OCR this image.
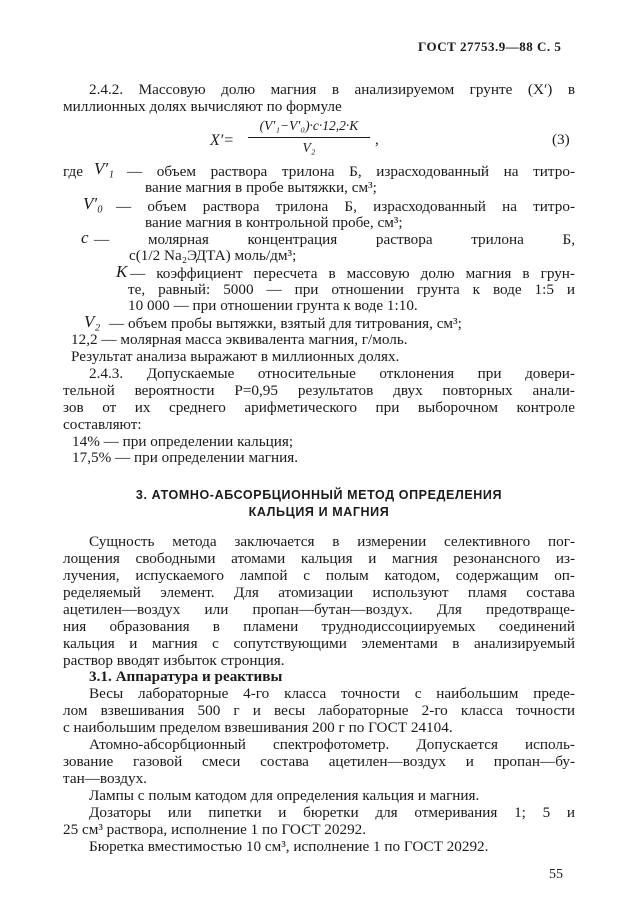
ГОСТ 27753.9—88 С. 5
2.4.2. Массовую долю магния в анализируемом грунте (X′) в
миллионных долях вычисляют по формуле
X′=
(V′₁−V′₀)·c·12,2·K
V₂	,	(3)
где V′₁ — объем раствора трилона Б, израсходованный на титро-
вание магния в пробе вытяжки, см³;
V′₀ — объем раствора трилона Б, израсходованный на титро-
вание магния в контрольной пробе, см³;
c — молярная концентрация раствора трилона Б,
c(1/2 Na₂ЭДТА) моль/дм³;
K — коэффициент пересчета в массовую долю магния в грун-
те, равный: 5000 — при отношении грунта к воде 1:5 и
10 000 — при отношении грунта к воде 1:10.
V₂ — объем пробы вытяжки, взятый для титрования, см³;
12,2 — молярная масса эквивалента магния, г/моль.
Результат анализа выражают в миллионных долях.
2.4.3. Допускаемые относительные отклонения при довери-
тельной вероятности P=0,95 результатов двух повторных анали-
зов от их среднего арифметического при выборочном контроле
составляют:
14% — при определении кальция;
17,5% — при определении магния.
3. АТОМНО-АБСОРБЦИОННЫЙ МЕТОД ОПРЕДЕЛЕНИЯ
КАЛЬЦИЯ И МАГНИЯ
Сущность метода заключается в измерении селективного пог-
лощения свободными атомами кальция и магния резонансного из-
лучения, испускаемого лампой с полым катодом, содержащим оп-
ределяемый элемент. Для атомизации используют пламя состава
ацетилен—воздух или пропан—бутан—воздух. Для предотвраще-
ния образования в пламени труднодиссоциируемых соединений
кальция и магния с сопутствующими элементами в анализируемый
раствор вводят избыток стронция.
3.1. Аппаратура и реактивы
Весы лабораторные 4-го класса точности с наибольшим преде-
лом взвешивания 500 г и весы лабораторные 2-го класса точности
с наибольшим пределом взвешивания 200 г по ГОСТ 24104.
Атомно-абсорбционный спектрофотометр. Допускается исполь-
зование газовой смеси состава ацетилен—воздух и пропан—бу-
тан—воздух.
Лампы с полым катодом для определения кальция и магния.
Дозаторы или пипетки и бюретки для отмеривания 1; 5 и
25 см³ раствора, исполнение 1 по ГОСТ 20292.
Бюретка вместимостью 10 см³, исполнение 1 по ГОСТ 20292.
55
